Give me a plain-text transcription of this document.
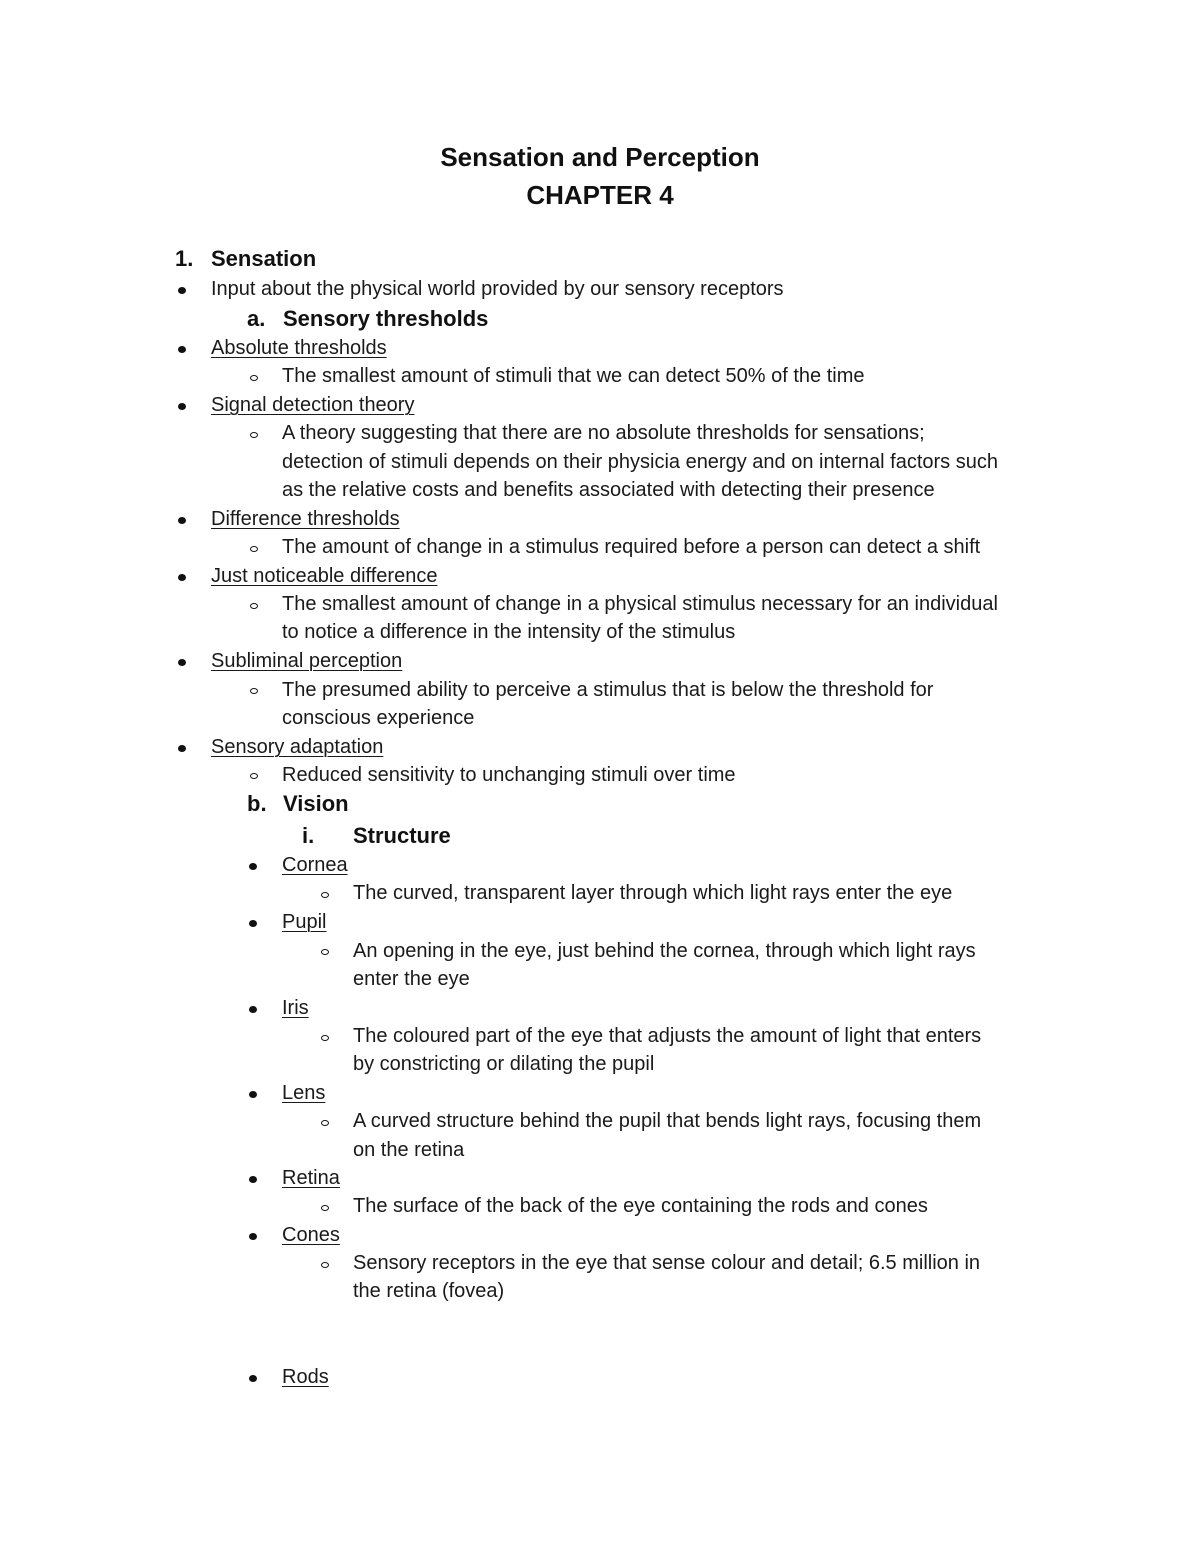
Sensation and Perception
CHAPTER 4
1. Sensation
Input about the physical world provided by our sensory receptors
a. Sensory thresholds
Absolute thresholds
The smallest amount of stimuli that we can detect 50% of the time
Signal detection theory
A theory suggesting that there are no absolute thresholds for sensations;
detection of stimuli depends on their physicia energy and on internal factors such
as the relative costs and benefits associated with detecting their presence
Difference thresholds
The amount of change in a stimulus required before a person can detect a shift
Just noticeable difference
The smallest amount of change in a physical stimulus necessary for an individual
to notice a difference in the intensity of the stimulus
Subliminal perception
The presumed ability to perceive a stimulus that is below the threshold for
conscious experience
Sensory adaptation
Reduced sensitivity to unchanging stimuli over time
b. Vision
i. Structure
Cornea
The curved, transparent layer through which light rays enter the eye
Pupil
An opening in the eye, just behind the cornea, through which light rays
enter the eye
Iris
The coloured part of the eye that adjusts the amount of light that enters
by constricting or dilating the pupil
Lens
A curved structure behind the pupil that bends light rays, focusing them
on the retina
Retina
The surface of the back of the eye containing the rods and cones
Cones
Sensory receptors in the eye that sense colour and detail; 6.5 million in
the retina (fovea)
Rods
